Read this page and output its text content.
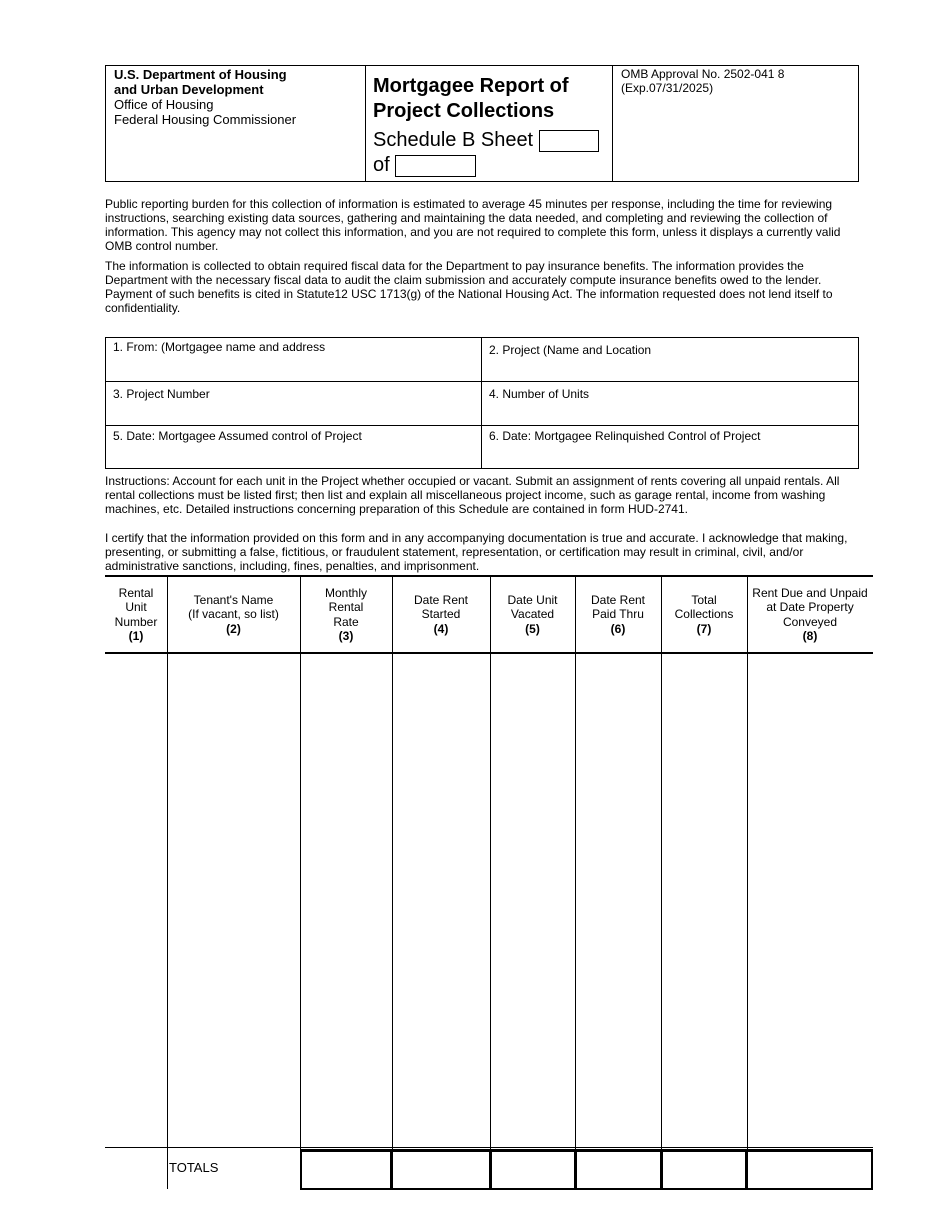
U.S. Department of Housing
and Urban Development
Office of Housing
Federal Housing Commissioner
Mortgagee Report of
Project Collections
Schedule B Sheet
of
OMB Approval No. 2502-041 8
(Exp.07/31/2025)
Public reporting burden for this collection of information is estimated to average 45 minutes per response, including the time for reviewing instructions, searching existing data sources, gathering and maintaining the data needed, and completing and reviewing the collection of information. This agency may not collect this information, and you are not required to complete this form, unless it displays a currently valid OMB control number.
The information is collected to obtain required fiscal data for the Department to pay insurance benefits. The information provides the Department with the necessary fiscal data to audit the claim submission and accurately compute insurance benefits owed to the lender. Payment of such benefits is cited in Statute12 USC 1713(g) of the National Housing Act. The information requested does not lend itself to confidentiality.
1. From: (Mortgagee name and address	2. Project (Name and Location
3. Project Number	4. Number of Units
5. Date: Mortgagee Assumed control of Project	6. Date: Mortgagee Relinquished Control of Project
Instructions: Account for each unit in the Project whether occupied or vacant. Submit an assignment of rents covering all unpaid rentals. All rental collections must be listed first; then list and explain all miscellaneous project income, such as garage rental, income from washing machines, etc. Detailed instructions concerning preparation of this Schedule are contained in form HUD-2741.
I certify that the information provided on this form and in any accompanying documentation is true and accurate. I acknowledge that making, presenting, or submitting a false, fictitious, or fraudulent statement, representation, or certification may result in criminal, civil, and/or administrative sanctions, including, fines, penalties, and imprisonment.
Rental
Unit
Number
(1)
Tenant's Name
(If vacant, so list)
(2)
Monthly
Rental
Rate
(3)
Date Rent
Started
(4)
Date Unit
Vacated
(5)
Date Rent
Paid Thru
(6)
Total
Collections
(7)
Rent Due and Unpaid
at Date Property
Conveyed
(8)
TOTALS
